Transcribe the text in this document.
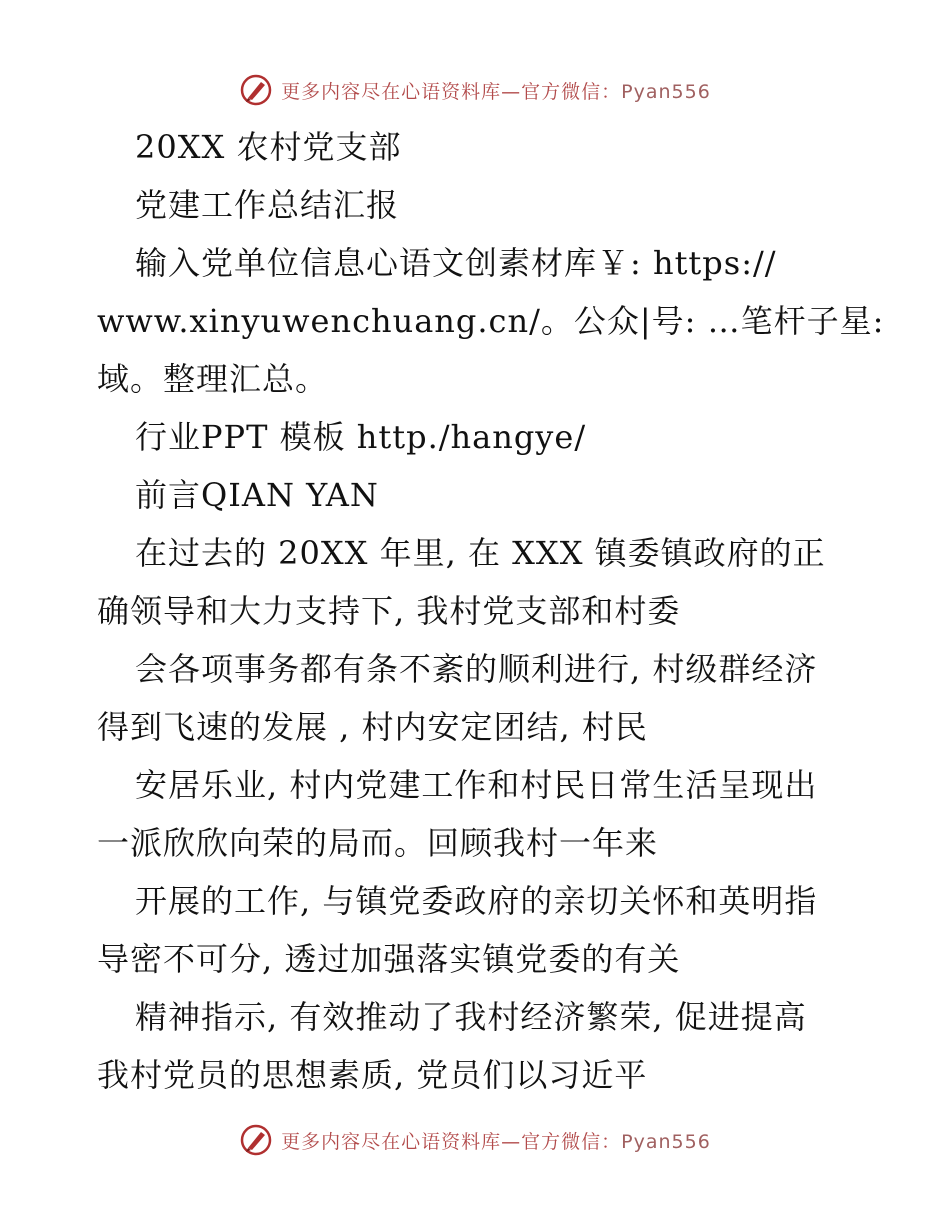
更多内容尽在心语资料库—官方微信：Pyan556
20XX 农村党支部
党建工作总结汇报
输入党单位信息心语文创素材库￥: https://
www.xinyuwenchuang.cn/。公众|号: …笔杆子星:
域。整理汇总。
行业PPT 模板 http./hangye/
前言QIAN YAN
在过去的 20XX 年里, 在 XXX 镇委镇政府的正
确领导和大力支持下, 我村党支部和村委
会各项事务都有条不紊的顺利进行, 村级群经济
得到飞速的发展 , 村内安定团结, 村民
安居乐业, 村内党建工作和村民日常生活呈现出
一派欣欣向荣的局而。回顾我村一年来
开展的工作, 与镇党委政府的亲切关怀和英明指
导密不可分, 透过加强落实镇党委的有关
精神指示, 有效推动了我村经济繁荣, 促进提高
我村党员的思想素质, 党员们以习近平
更多内容尽在心语资料库—官方微信：Pyan556
